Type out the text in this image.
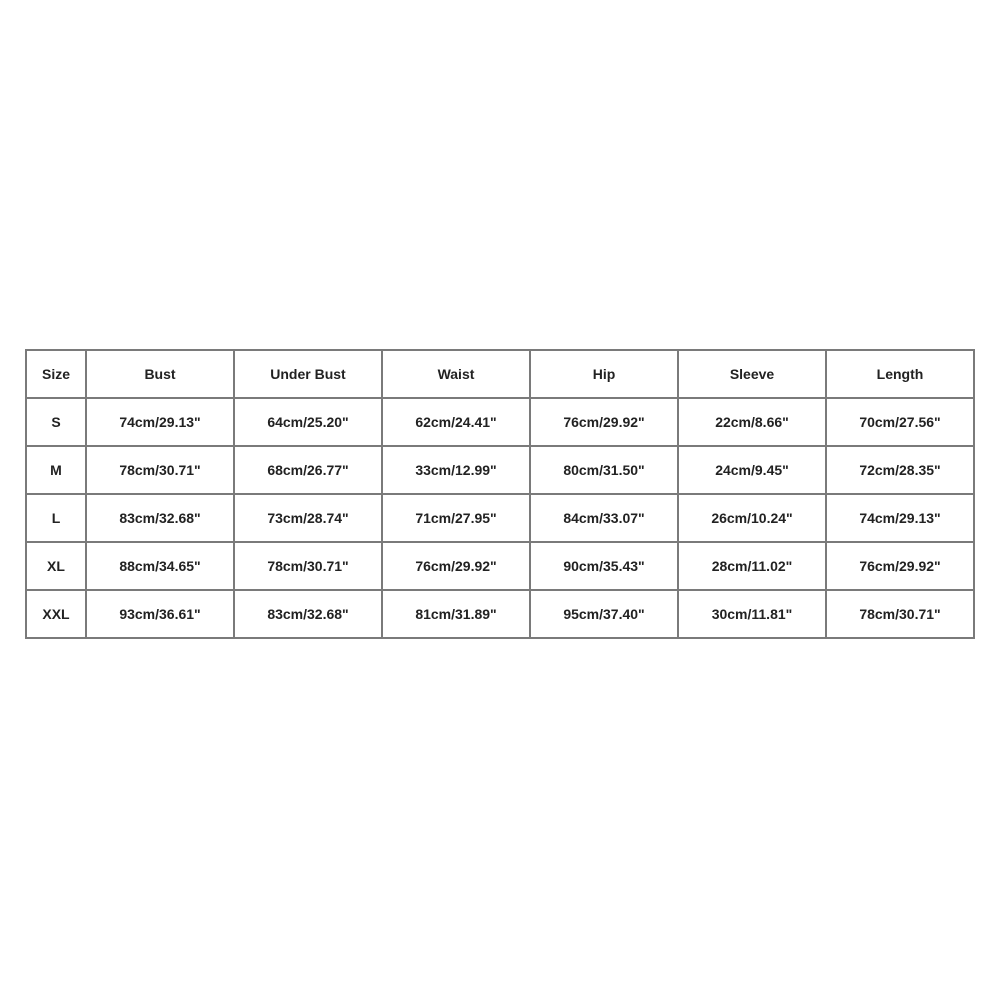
Size	Bust	Under Bust	Waist	Hip	Sleeve	Length
S	74cm/29.13"	64cm/25.20"	62cm/24.41"	76cm/29.92"	22cm/8.66"	70cm/27.56"
M	78cm/30.71"	68cm/26.77"	33cm/12.99"	80cm/31.50"	24cm/9.45"	72cm/28.35"
L	83cm/32.68"	73cm/28.74"	71cm/27.95"	84cm/33.07"	26cm/10.24"	74cm/29.13"
XL	88cm/34.65"	78cm/30.71"	76cm/29.92"	90cm/35.43"	28cm/11.02"	76cm/29.92"
XXL	93cm/36.61"	83cm/32.68"	81cm/31.89"	95cm/37.40"	30cm/11.81"	78cm/30.71"
